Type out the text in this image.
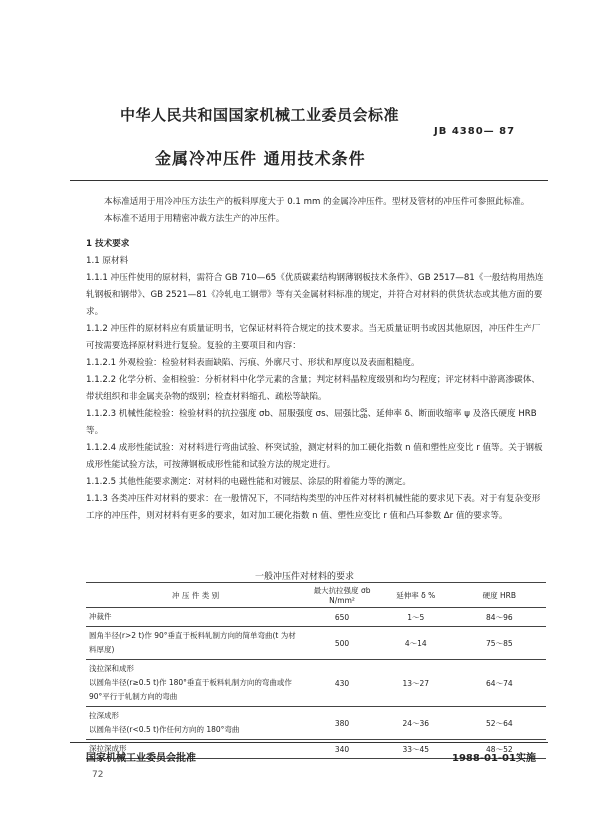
中华人民共和国国家机械工业委员会标准
JB 4380— 87
金属冷冲压件 通用技术条件

本标准适用于用冷冲压方法生产的板料厚度大于 0.1 mm 的金属冷冲压件。型材及管材的冲压件可参照此标准。

本标准不适用于用精密冲裁方法生产的冲压件。

1 技术要求

1.1 原材料

1.1.1 冲压件使用的原材料，需符合 GB 710—65《优质碳素结构钢薄钢板技术条件》、GB 2517—81《一般结构用热连轧钢板和钢带》、GB 2521—81《冷轧电工钢带》等有关金属材料标准的规定，并符合对材料的供货状态或其他方面的要求。

1.1.2 冲压件的原材料应有质量证明书，它保证材料符合规定的技术要求。当无质量证明书或因其他原因，冲压件生产厂可按需要选择原材料进行复验。复验的主要项目和内容：

1.1.2.1 外观检验：检验材料表面缺陷、污痕、外廓尺寸、形状和厚度以及表面粗糙度。

1.1.2.2 化学分析、金相检验：分析材料中化学元素的含量；判定材料晶粒度级别和均匀程度；评定材料中游离渗碳体、带状组织和非金属夹杂物的级别；检查材料缩孔、疏松等缺陷。

1.1.2.3 机械性能检验：检验材料的抗拉强度 σb、屈服强度 σs、屈强比σs
σb、延伸率 δ、断面收缩率 ψ 及洛氏硬度 HRB 等。

1.1.2.4 成形性能试验：对材料进行弯曲试验、杯突试验，测定材料的加工硬化指数 n 值和塑性应变比 r 值等。关于钢板成形性能试验方法，可按薄钢板成形性能和试验方法的规定进行。

1.1.2.5 其他性能要求测定：对材料的电磁性能和对镀层、涂层的附着能力等的测定。

1.1.3 各类冲压件对材料的要求：在一般情况下，不同结构类型的冲压件对材料机械性能的要求见下表。对于有复杂变形工序的冲压件，则对材料有更多的要求，如对加工硬化指数 n 值、塑性应变比 r 值和凸耳参数 Δr 值的要求等。

一般冲压件对材料的要求
冲 压 件 类 别	最大抗拉强度 σb N/mm²	延伸率 δ %	硬度 HRB
冲裁件	650	1～5	84～96
圆角半径(r>2 t)作 90°垂直于板料轧制方向的简单弯曲(t 为材料厚度)	500	4～14	75～85
浅拉深和成形
以圆角半径(r≥0.5 t)作 180°垂直于板料轧制方向的弯曲或作 90°平行于轧制方向的弯曲	430	13～27	64～74
拉深成形
以圆角半径(r<0.5 t)作任何方向的 180°弯曲	380	24～36	52～64
深拉深成形	340	33～45	48～52
国家机械工业委员会批准	1988-01-01实施
72
